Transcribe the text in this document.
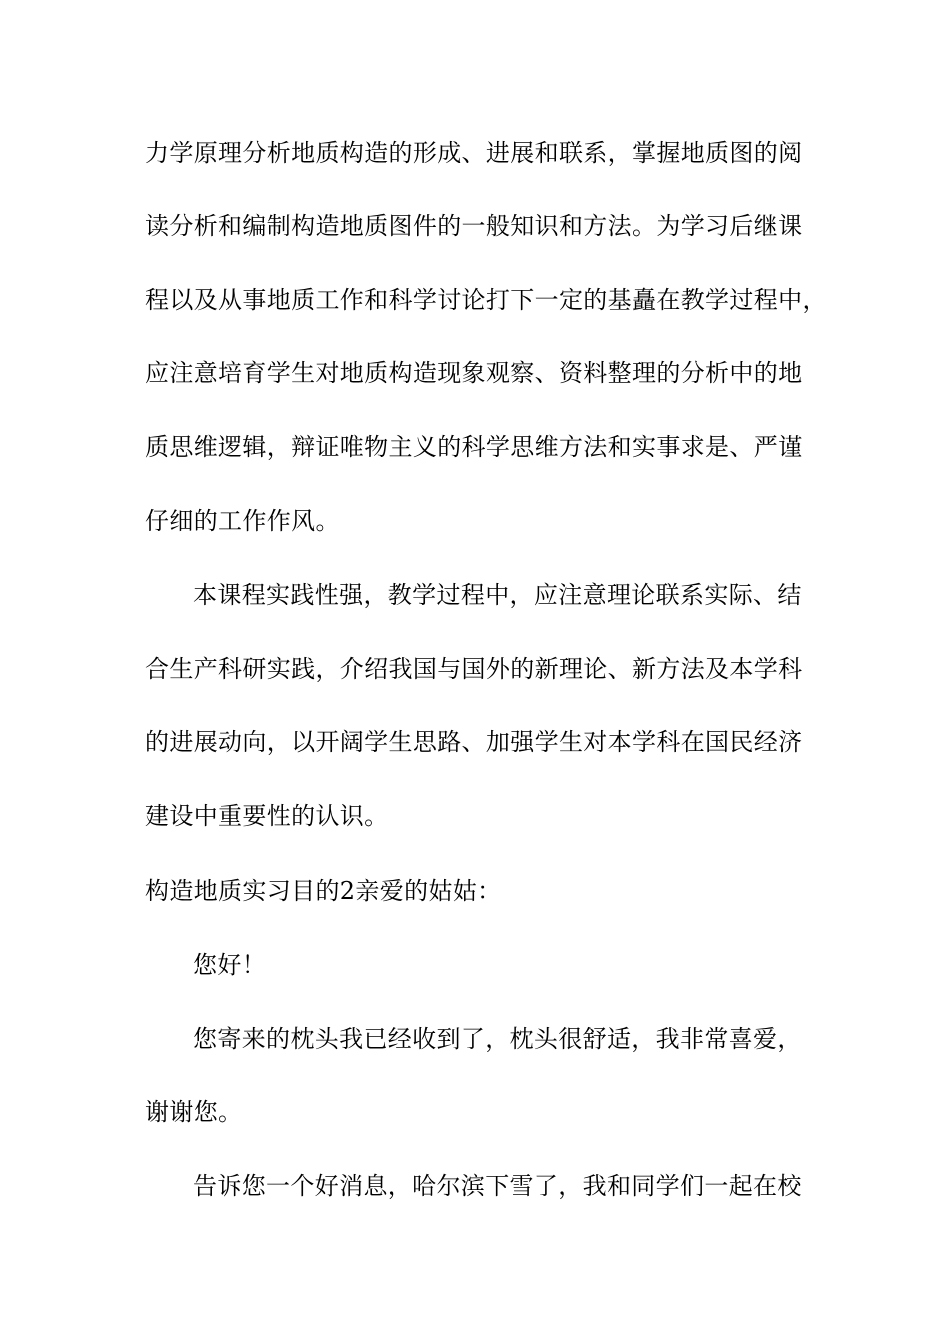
力学原理分析地质构造的形成、进展和联系，掌握地质图的阅
读分析和编制构造地质图件的一般知识和方法。为学习后继课
程以及从事地质工作和科学讨论打下一定的基矗在教学过程中，
应注意培育学生对地质构造现象观察、资料整理的分析中的地
质思维逻辑，辩证唯物主义的科学思维方法和实事求是、严谨
仔细的工作作风。
本课程实践性强，教学过程中，应注意理论联系实际、结
合生产科研实践，介绍我国与国外的新理论、新方法及本学科
的进展动向，以开阔学生思路、加强学生对本学科在国民经济
建设中重要性的认识。
构造地质实习目的2亲爱的姑姑：
您好！
您寄来的枕头我已经收到了，枕头很舒适，我非常喜爱，
谢谢您。
告诉您一个好消息，哈尔滨下雪了，我和同学们一起在校
